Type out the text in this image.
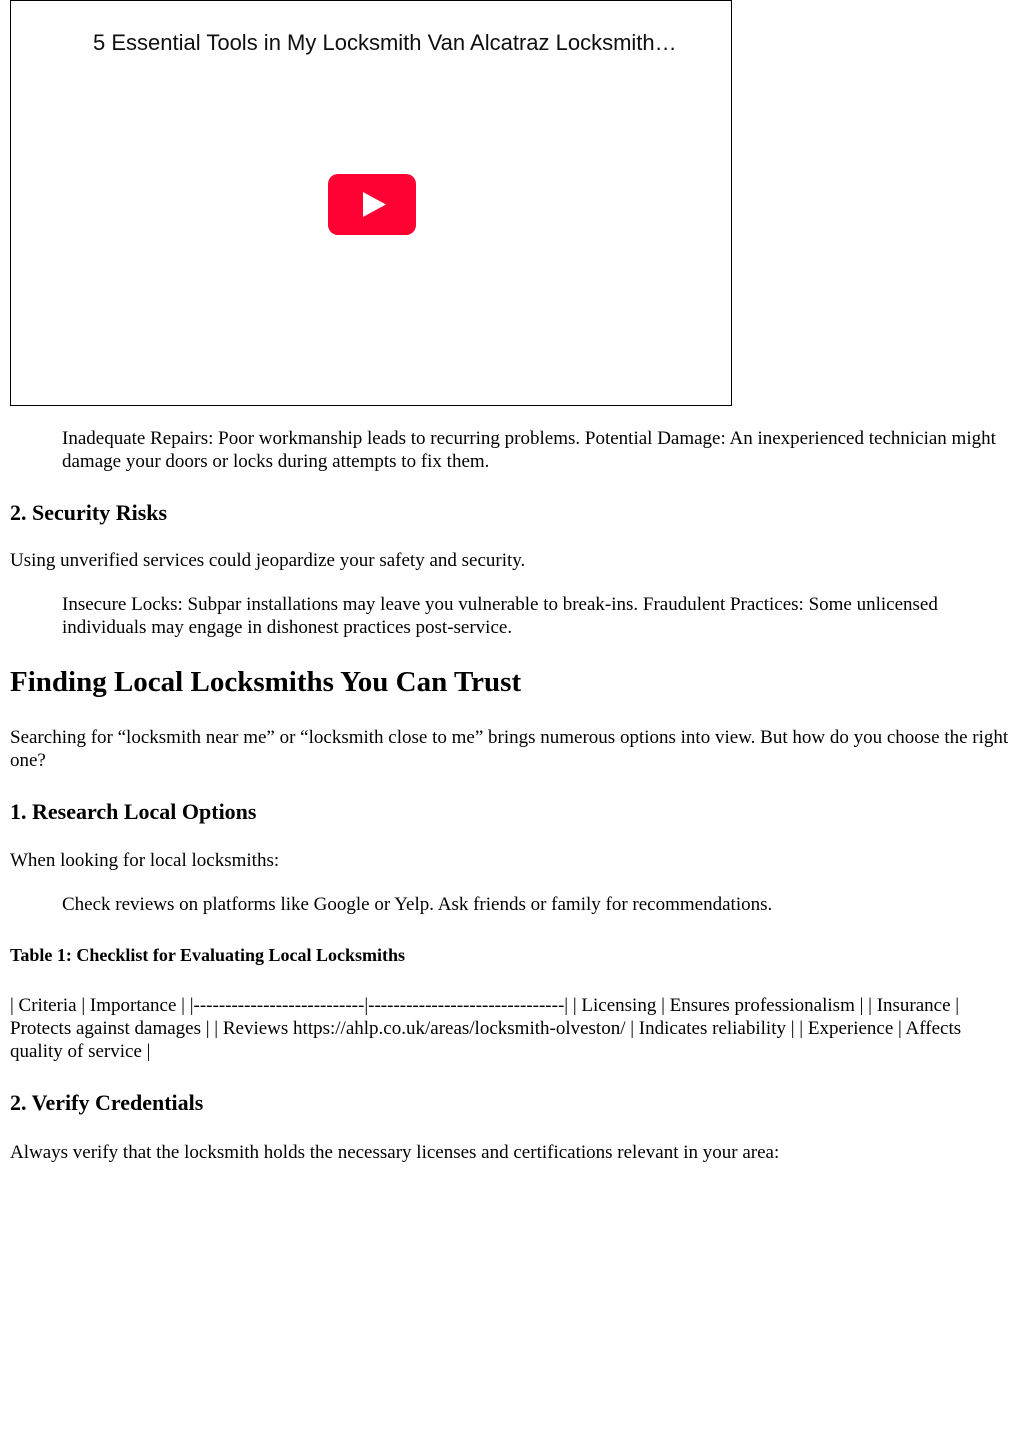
5 Essential Tools in My Locksmith Van Alcatraz Locksmith…

Inadequate Repairs: Poor workmanship leads to recurring problems. Potential Damage: An inexperienced technician might damage your doors or locks during attempts to fix them.

2. Security Risks

Using unverified services could jeopardize your safety and security.

Insecure Locks: Subpar installations may leave you vulnerable to break-ins. Fraudulent Practices: Some unlicensed individuals may engage in dishonest practices post-service.

Finding Local Locksmiths You Can Trust

Searching for “locksmith near me” or “locksmith close to me” brings numerous options into view. But how do you choose the right one?

1. Research Local Options

When looking for local locksmiths:

Check reviews on platforms like Google or Yelp. Ask friends or family for recommendations.

Table 1: Checklist for Evaluating Local Locksmiths

| Criteria | Importance | |---------------------------|-------------------------------| | Licensing | Ensures professionalism | | Insurance | Protects against damages | | Reviews https://ahlp.co.uk/areas/locksmith-olveston/ | Indicates reliability | | Experience | Affects quality of service |

2. Verify Credentials

Always verify that the locksmith holds the necessary licenses and certifications relevant in your area:
